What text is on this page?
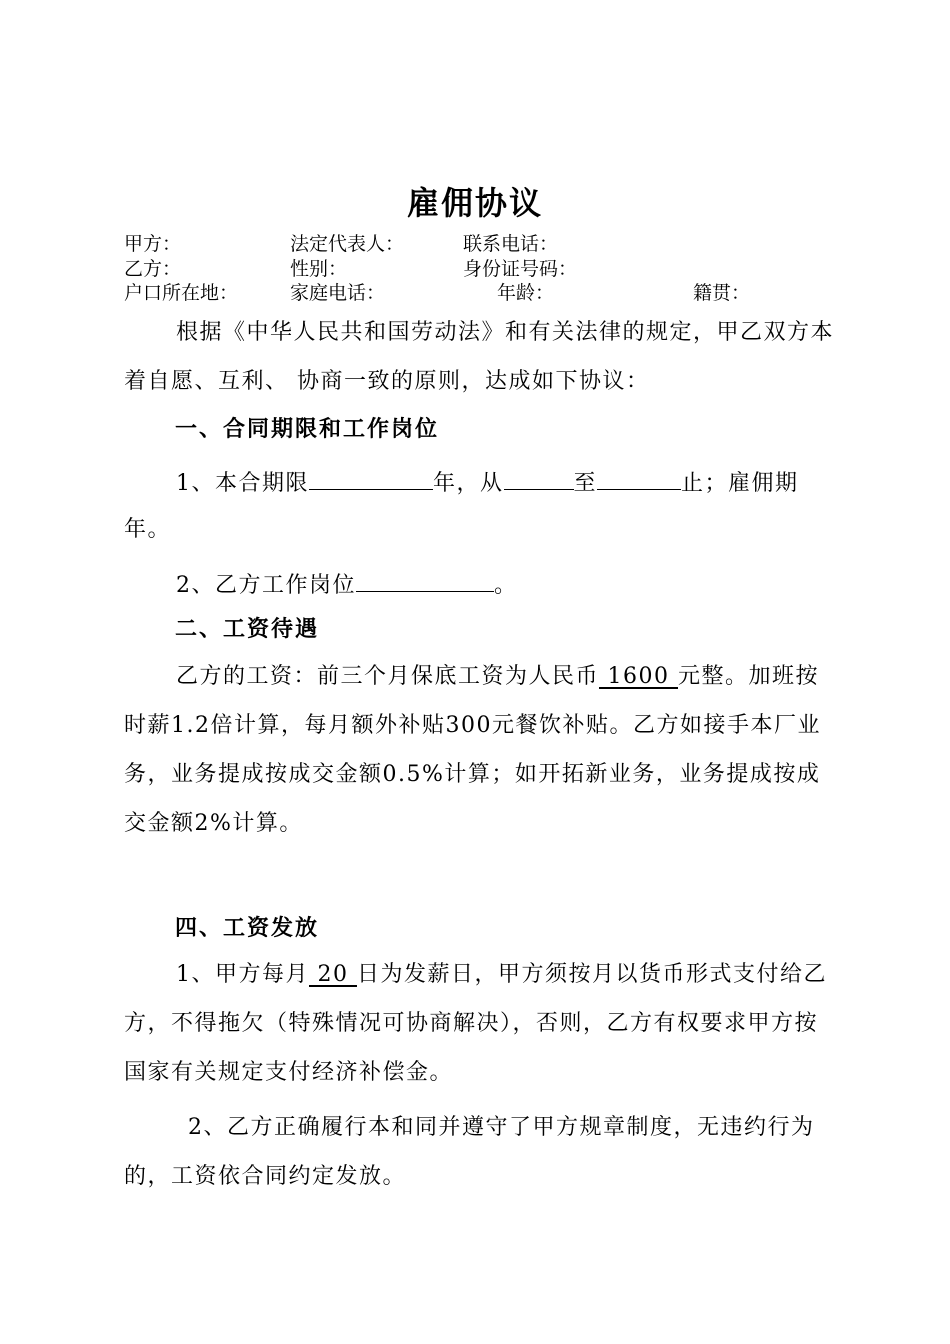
雇佣协议
甲方：	法定代表人：	联系电话：
乙方：	性别：	身份证号码：
户口所在地：	家庭电话：	年龄：	籍贯：
根据《中华人民共和国劳动法》和有关法律的规定，甲乙双方本着自愿、互利、 协商一致的原则，达成如下协议：
一、合同期限和工作岗位
1、本合期限	年，从	至	止；雇佣期
年。
2、乙方工作岗位	。
二、工资待遇
乙方的工资：前三个月保底工资为人民币 1600 元整。加班按时薪1.2倍计算，每月额外补贴300元餐饮补贴。乙方如接手本厂业务，业务提成按成交金额0.5%计算；如开拓新业务，业务提成按成交金额2%计算。
四、工资发放
1、甲方每月 20 日为发薪日，甲方须按月以货币形式支付给乙方，不得拖欠（特殊情况可协商解决），否则，乙方有权要求甲方按国家有关规定支付经济补偿金。
2、乙方正确履行本和同并遵守了甲方规章制度，无违约行为的，工资依合同约定发放。
